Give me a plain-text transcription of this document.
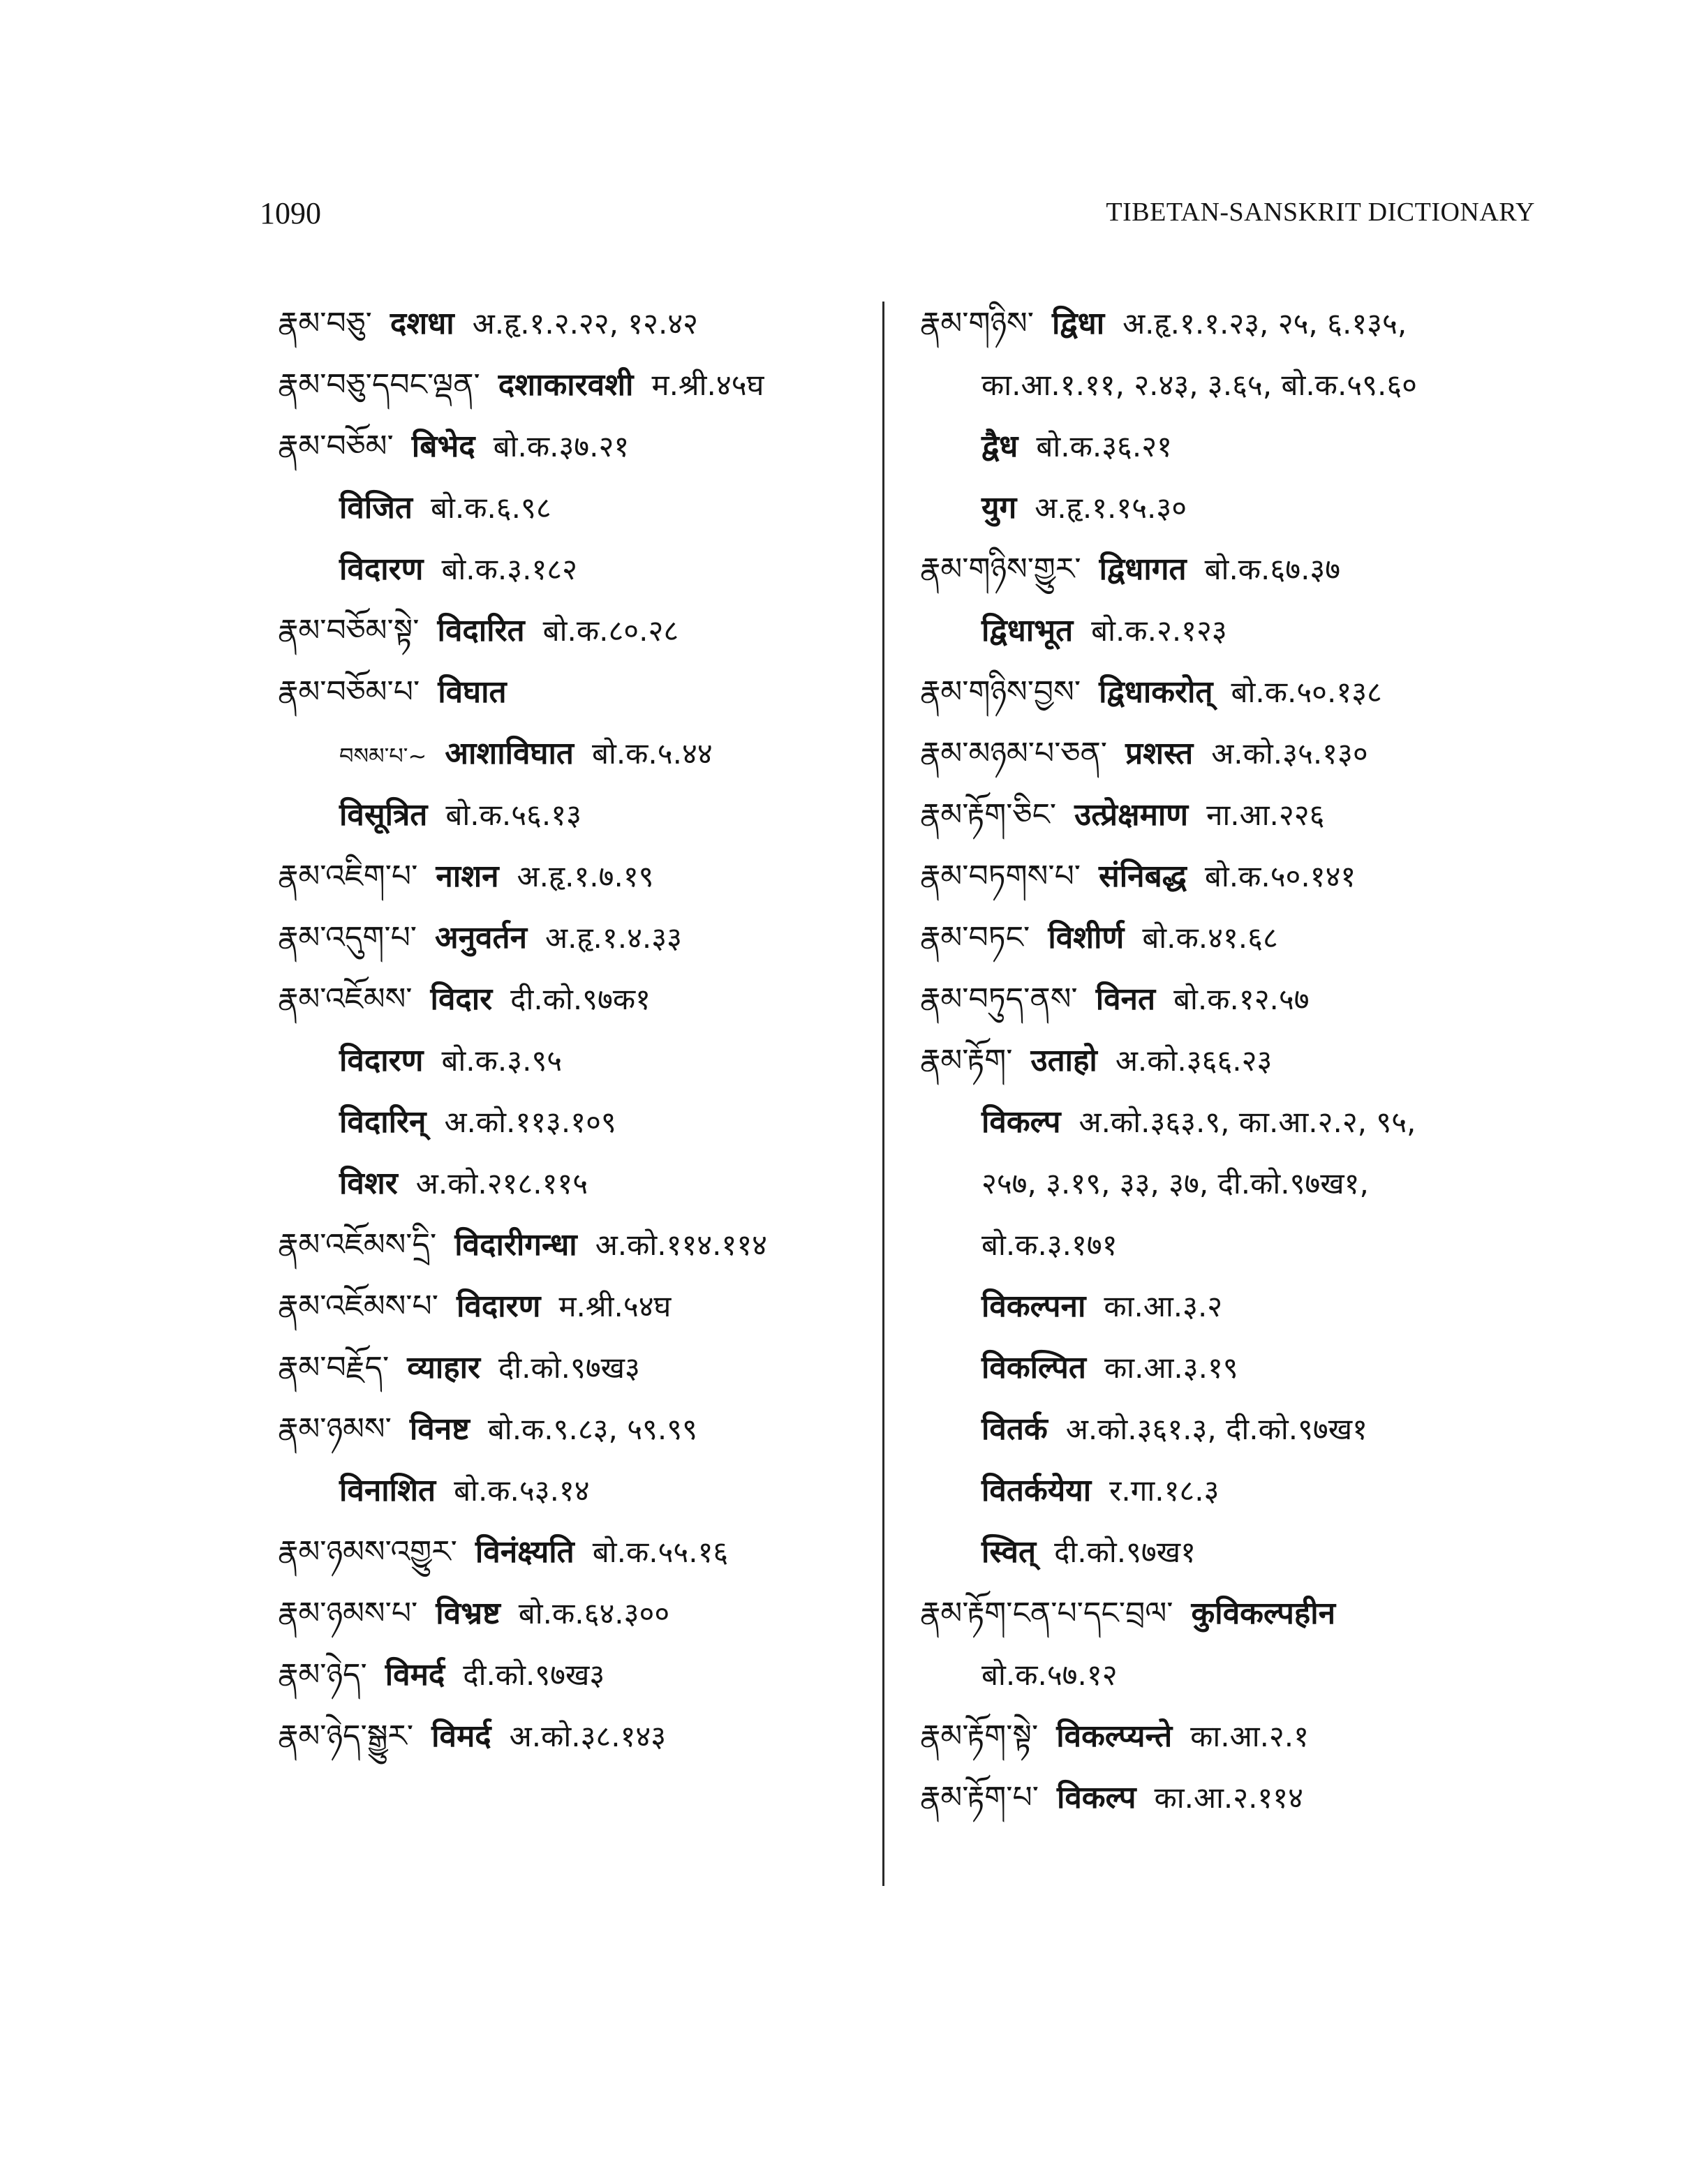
1090	TIBETAN-SANSKRIT DICTIONARY
རྣམ་བཅུ་ दशधा अ.हृ.१.२.२२, १२.४२
རྣམ་བཅུ་དབང་ལྡན་ दशाकारवशी म.श्री.४५घ
རྣམ་བཅོམ་ बिभेद बो.क.३७.२१
विजित बो.क.६.९८
विदारण बो.क.३.१८२
རྣམ་བཅོམ་སྟེ་ विदारित बो.क.८०.२८
རྣམ་བཅོམ་པ་ विघात
བསམ་པ་~ आशाविघात बो.क.५.४४
विसूत्रित बो.क.५६.१३
རྣམ་འཇིག་པ་ नाशन अ.हृ.१.७.१९
རྣམ་འདུག་པ་ अनुवर्तन अ.हृ.१.४.३३
རྣམ་འཇོམས་ विदार दी.को.९७क१
विदारण बो.क.३.९५
विदारिन् अ.को.११३.१०९
विशर अ.को.२१८.११५
རྣམ་འཇོམས་དྲི་ विदारीगन्धा अ.को.११४.११४
རྣམ་འཇོམས་པ་ विदारण म.श्री.५४घ
རྣམ་བརྗོད་ व्याहार दी.को.९७ख३
རྣམ་ཉམས་ विनष्ट बो.क.९.८३, ५९.९९
विनाशित बो.क.५३.१४
རྣམ་ཉམས་འགྱུར་ विनंक्ष्यति बो.क.५५.१६
རྣམ་ཉམས་པ་ विभ्रष्ट बो.क.६४.३००
རྣམ་ཉེད་ विमर्द दी.को.९७ख३
རྣམ་ཉེད་སྒྱུར་ विमर्द अ.को.३८.१४३
རྣམ་གཉིས་ द्विधा अ.हृ.१.१.२३, २५, ६.१३५,
का.आ.१.११, २.४३, ३.६५, बो.क.५९.६०
द्वैध बो.क.३६.२१
युग अ.हृ.१.१५.३०
རྣམ་གཉིས་གྱུར་ द्विधागत बो.क.६७.३७
द्विधाभूत बो.क.२.१२३
རྣམ་གཉིས་བྱས་ द्विधाकरोत् बो.क.५०.१३८
རྣམ་མཉམ་པ་ཅན་ प्रशस्त अ.को.३५.१३०
རྣམ་རྟོག་ཅིང་ उत्प्रेक्षमाण ना.आ.२२६
རྣམ་བཏགས་པ་ संनिबद्ध बो.क.५०.१४१
རྣམ་བཏང་ विशीर्ण बो.क.४१.६८
རྣམ་བཏུད་ནས་ विनत बो.क.१२.५७
རྣམ་རྟོག་ उताहो अ.को.३६६.२३
विकल्प अ.को.३६३.९, का.आ.२.२, ९५,
२५७, ३.१९, ३३, ३७, दी.को.९७ख१,
बो.क.३.१७१
विकल्पना का.आ.३.२
विकल्पित का.आ.३.१९
वितर्क अ.को.३६१.३, दी.को.९७ख१
वितर्कयेया र.गा.१८.३
स्वित् दी.को.९७ख१
རྣམ་རྟོག་ངན་པ་དང་བྲལ་ कुविकल्पहीन
बो.क.५७.१२
རྣམ་རྟོག་སྟེ་ विकल्प्यन्ते का.आ.२.१
རྣམ་རྟོག་པ་ विकल्प का.आ.२.११४
